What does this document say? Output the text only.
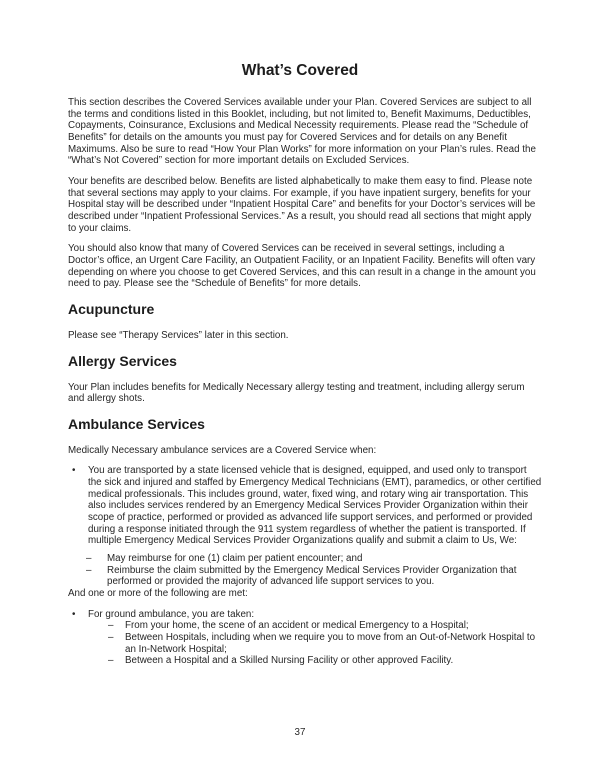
What’s Covered

This section describes the Covered Services available under your Plan. Covered Services are subject to all the terms and conditions listed in this Booklet, including, but not limited to, Benefit Maximums, Deductibles, Copayments, Coinsurance, Exclusions and Medical Necessity requirements. Please read the “Schedule of Benefits” for details on the amounts you must pay for Covered Services and for details on any Benefit Maximums. Also be sure to read “How Your Plan Works” for more information on your Plan’s rules. Read the “What’s Not Covered” section for more important details on Excluded Services.

Your benefits are described below. Benefits are listed alphabetically to make them easy to find. Please note that several sections may apply to your claims. For example, if you have inpatient surgery, benefits for your Hospital stay will be described under “Inpatient Hospital Care” and benefits for your Doctor’s services will be described under “Inpatient Professional Services.” As a result, you should read all sections that might apply to your claims.

You should also know that many of Covered Services can be received in several settings, including a Doctor’s office, an Urgent Care Facility, an Outpatient Facility, or an Inpatient Facility. Benefits will often vary depending on where you choose to get Covered Services, and this can result in a change in the amount you need to pay. Please see the “Schedule of Benefits” for more details.

Acupuncture

Please see “Therapy Services” later in this section.

Allergy Services

Your Plan includes benefits for Medically Necessary allergy testing and treatment, including allergy serum and allergy shots.

Ambulance Services

Medically Necessary ambulance services are a Covered Service when:

•	You are transported by a state licensed vehicle that is designed, equipped, and used only to transport the sick and injured and staffed by Emergency Medical Technicians (EMT), paramedics, or other certified medical professionals. This includes ground, water, fixed wing, and rotary wing air transportation. This also includes services rendered by an Emergency Medical Services Provider Organization within their scope of practice, performed or provided as advanced life support services, and performed or provided during a response initiated through the 911 system regardless of whether the patient is transported. If multiple Emergency Medical Services Provider Organizations qualify and submit a claim to Us, We:
–	May reimburse for one (1) claim per patient encounter; and
–	Reimburse the claim submitted by the Emergency Medical Services Provider Organization that performed or provided the majority of advanced life support services to you.

And one or more of the following are met:

•	For ground ambulance, you are taken:
–	From your home, the scene of an accident or medical Emergency to a Hospital;
–	Between Hospitals, including when we require you to move from an Out-of-Network Hospital to an In-Network Hospital;
–	Between a Hospital and a Skilled Nursing Facility or other approved Facility.
37
